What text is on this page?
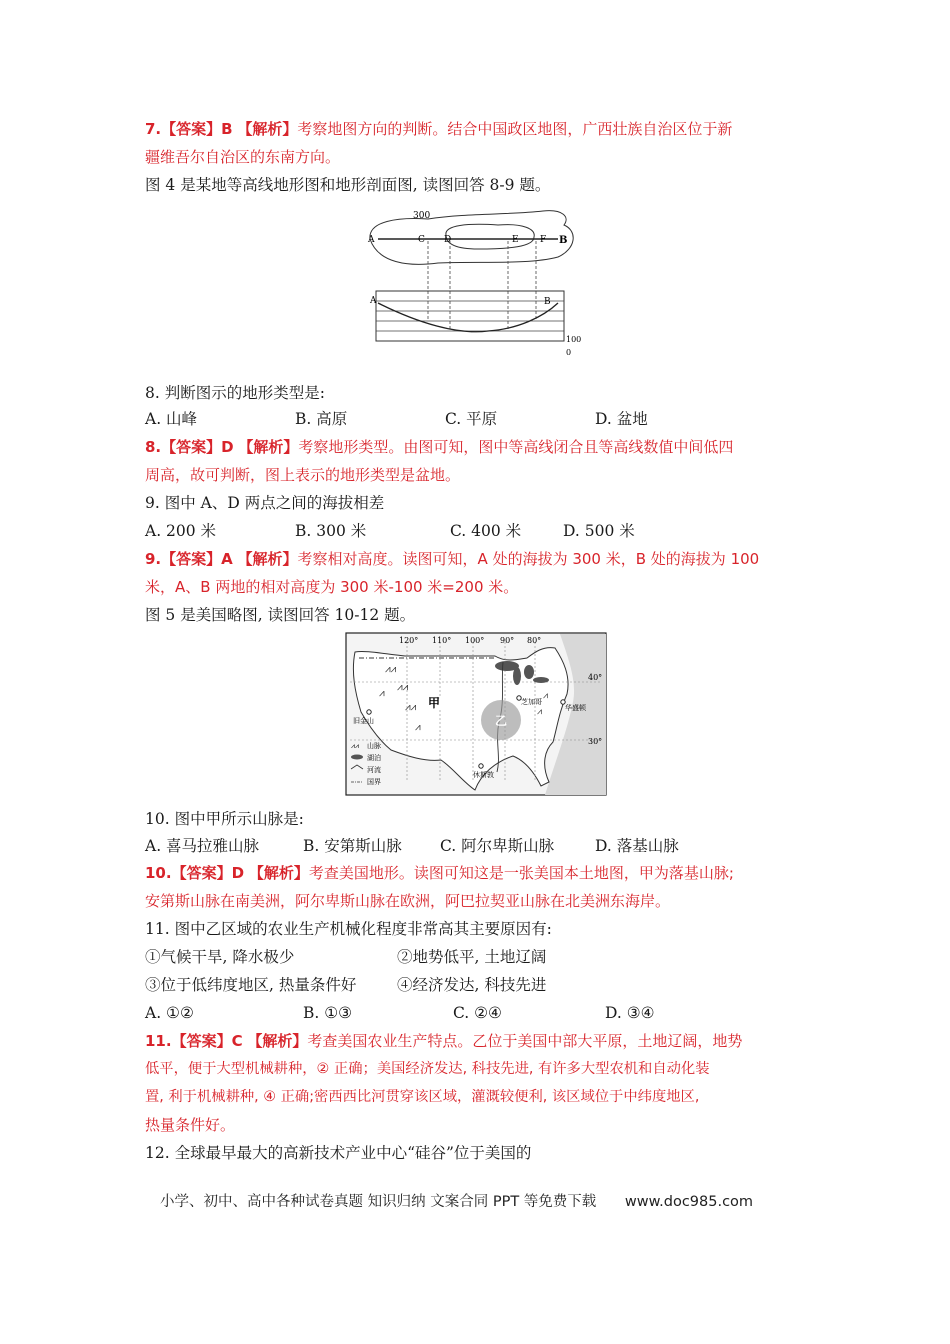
7.【答案】B 【解析】考察地图方向的判断。结合中国政区地图，广西壮族自治区位于新
疆维吾尔自治区的东南方向。
图 4 是某地等高线地形图和地形剖面图, 读图回答 8-9 题。
300
A	C D	E F B
A	B
100
0
8. 判断图示的地形类型是:
A. 山峰	B. 高原	C. 平原	D. 盆地
8.【答案】D 【解析】考察地形类型。由图可知，图中等高线闭合且等高线数值中间低四
周高，故可判断，图上表示的地形类型是盆地。
9. 图中 A、D 两点之间的海拔相差
A. 200 米	B. 300 米	C. 400 米	D. 500 米
9.【答案】A 【解析】考察相对高度。读图可知，A 处的海拔为 300 米，B 处的海拔为 100
米，A、B 两地的相对高度为 300 米-100 米=200 米。
图 5 是美国略图, 读图回答 10-12 题。
120° 110° 100° 90° 80°
40°
30°
⩘⩘
⩘⩘
⩘⩘
⩘
⩘	⩘
⩘
乙
甲
旧金山
芝加哥
华盛顿
休斯敦
⩘⩘ 山脉
湖泊
河流
国界
10. 图中甲所示山脉是:
A. 喜马拉雅山脉	B. 安第斯山脉 C. 阿尔卑斯山脉	D. 落基山脉
10.【答案】D 【解析】考查美国地形。读图可知这是一张美国本土地图，甲为落基山脉;
安第斯山脉在南美洲，阿尔卑斯山脉在欧洲，阿巴拉契亚山脉在北美洲东海岸。
11. 图中乙区域的农业生产机械化程度非常高其主要原因有:
①气候干旱, 降水极少	②地势低平, 土地辽阔
③位于低纬度地区, 热量条件好	④经济发达, 科技先进
A. ①②	B. ①③	C. ②④	D. ③④
11.【答案】C 【解析】考查美国农业生产特点。乙位于美国中部大平原，土地辽阔，地势
低平，便于大型机械耕种，② 正确；美国经济发达, 科技先进, 有许多大型农机和自动化装
置, 利于机械耕种, ④ 正确;密西西比河贯穿该区域，灌溉较便利, 该区域位于中纬度地区,
热量条件好。
12. 全球最早最大的高新技术产业中心“硅谷”位于美国的
小学、初中、高中各种试卷真题 知识归纳 文案合同 PPT 等免费下载 www.doc985.com
